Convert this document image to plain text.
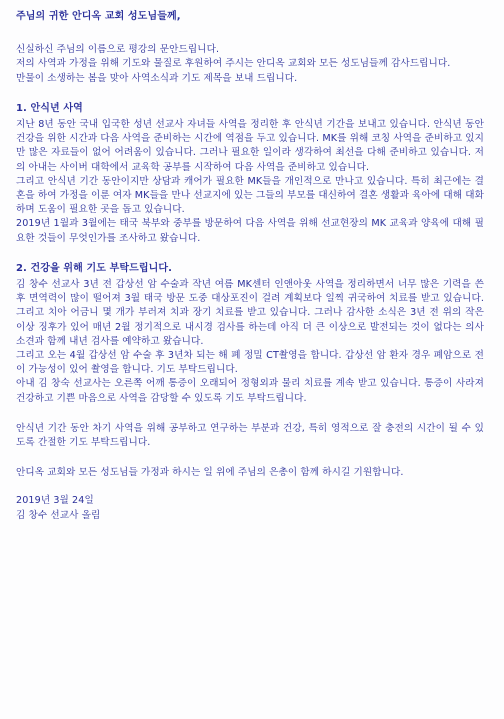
주님의 귀한 안디옥 교회 성도님들께,

신실하신 주님의 이름으로 평강의 문안드립니다.

저의 사역과 가정을 위해 기도와 물질로 후원하여 주시는 안디옥 교회와 모든 성도님들께 감사드립니다.

만물이 소생하는 봄을 맞아 사역소식과 기도 제목을 보내 드립니다.

1. 안식년 사역

지난 8년 동안 국내 입국한 성년 선교사 자녀들 사역을 정리한 후 안식년 기간을 보내고 있습니다. 안식년 동안 건강을 위한 시간과 다음 사역을 준비하는 시간에 역점을 두고 있습니다. MK를 위해 코칭 사역을 준비하고 있지만 많은 자료들이 없어 어려움이 있습니다. 그러나 필요한 일이라 생각하여 최선을 다해 준비하고 있습니다. 저의 아내는 사이버 대학에서 교육학 공부를 시작하여 다음 사역을 준비하고 있습니다.

그리고 안식년 기간 동안이지만 상담과 캐어가 필요한 MK들을 개인적으로 만나고 있습니다. 특히 최근에는 결혼을 하여 가정을 이룬 여자 MK들을 만나 선교지에 있는 그들의 부모를 대신하여 결혼 생활과 육아에 대해 대화하며 도움이 필요한 곳을 돕고 있습니다.

2019년 1월과 3월에는 태국 북부와 중부를 방문하여 다음 사역을 위해 선교현장의 MK 교육과 양육에 대해 필요한 것들이 무엇인가를 조사하고 왔습니다.

2. 건강을 위해 기도 부탁드립니다.

김 창수 선교사 3년 전 갑상선 암 수술과 작년 여름 MK센터 인앤아웃 사역을 정리하면서 너무 많은 기력을 쓴 후 면역력이 많이 떨어져 3월 태국 방문 도중 대상포진이 걸려 계획보다 일찍 귀국하여 치료를 받고 있습니다. 그리고 치아 어금니 몇 개가 부러져 치과 장기 치료를 받고 있습니다. 그러나 감사한 소식은 3년 전 위의 작은 이상 징후가 있어 매년 2월 정기적으로 내시경 검사를 하는데 아직 더 큰 이상으로 발전되는 것이 없다는 의사 소견과 함께 내년 검사를 예약하고 왔습니다.

그리고 오는 4월 갑상선 암 수술 후 3년차 되는 해 폐 정밀 CT촬영을 합니다. 갑상선 암 환자 경우 폐암으로 전이 가능성이 있어 촬영을 합니다. 기도 부탁드립니다.

아내 김 창숙 선교사는 오른쪽 어깨 통증이 오래되어 정형외과 물리 치료를 계속 받고 있습니다. 통증이 사라져 건강하고 기쁜 마음으로 사역을 감당할 수 있도록 기도 부탁드립니다.

안식년 기간 동안 차기 사역을 위해 공부하고 연구하는 부분과 건강, 특히 영적으로 잘 충전의 시간이 될 수 있도록 간절한 기도 부탁드립니다.

안디옥 교회와 모든 성도님들 가정과 하시는 일 위에 주님의 은총이 함께 하시길 기원합니다.

2019년 3월 24일

김 창수 선교사 올림
